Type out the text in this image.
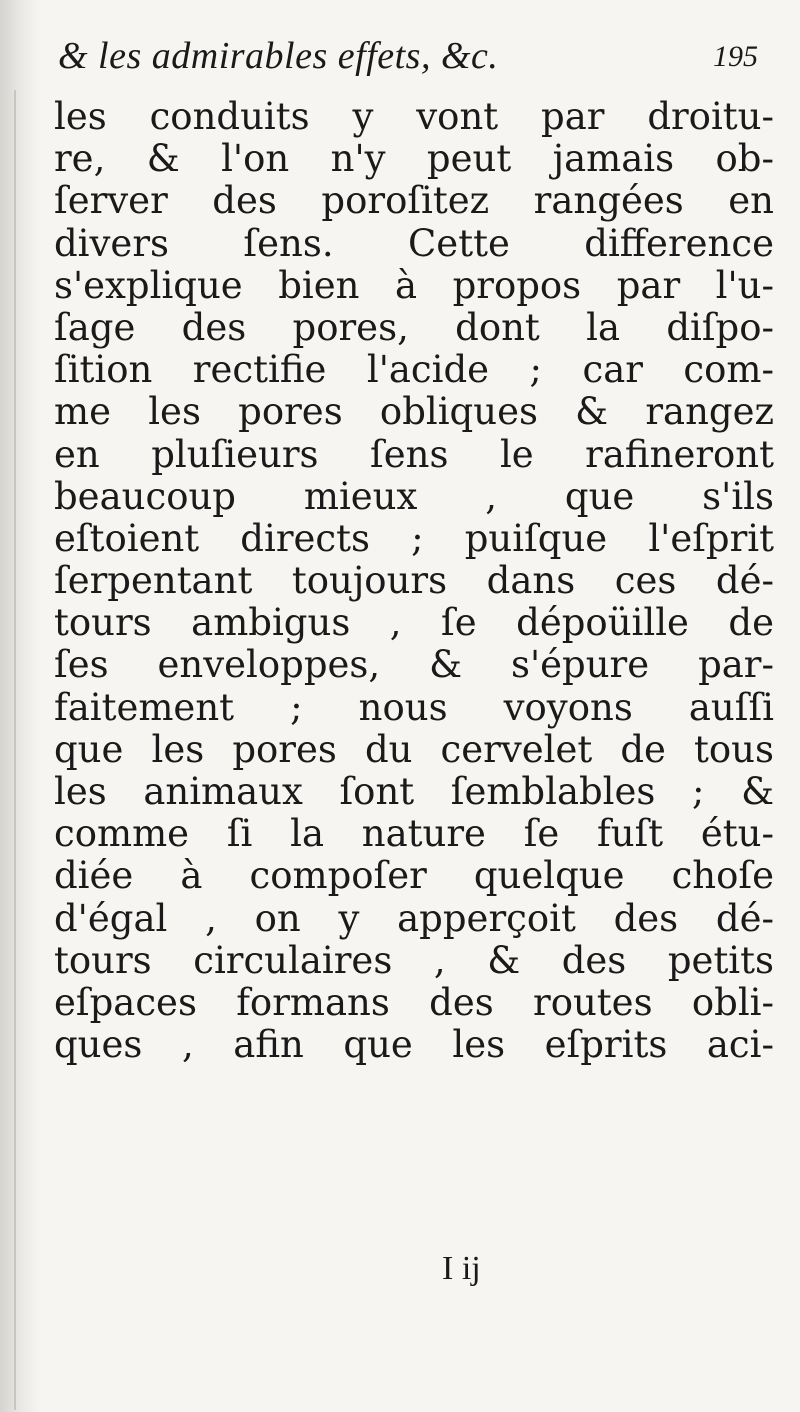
& les admirables effets, &c.	195
les conduits y vont par droitu-
re, & l'on n'y peut jamais ob-
ſerver des poroſitez rangées en
divers ſens. Cette difference
s'explique bien à propos par l'u-
ſage des pores, dont la diſpo-
ſition rectifie l'acide ; car com-
me les pores obliques & rangez
en pluſieurs ſens le rafineront
beaucoup mieux , que s'ils
eſtoient directs ; puiſque l'eſprit
ſerpentant toujours dans ces dé-
tours ambigus , ſe dépoüille de
ſes enveloppes, & s'épure par-
faitement ; nous voyons auſſi
que les pores du cervelet de tous
les animaux ſont ſemblables ; &
comme ſi la nature ſe fuſt étu-
diée à compoſer quelque choſe
d'égal , on y apperçoit des dé-
tours circulaires , & des petits
eſpaces formans des routes obli-
ques , afin que les eſprits aci-
I ij
